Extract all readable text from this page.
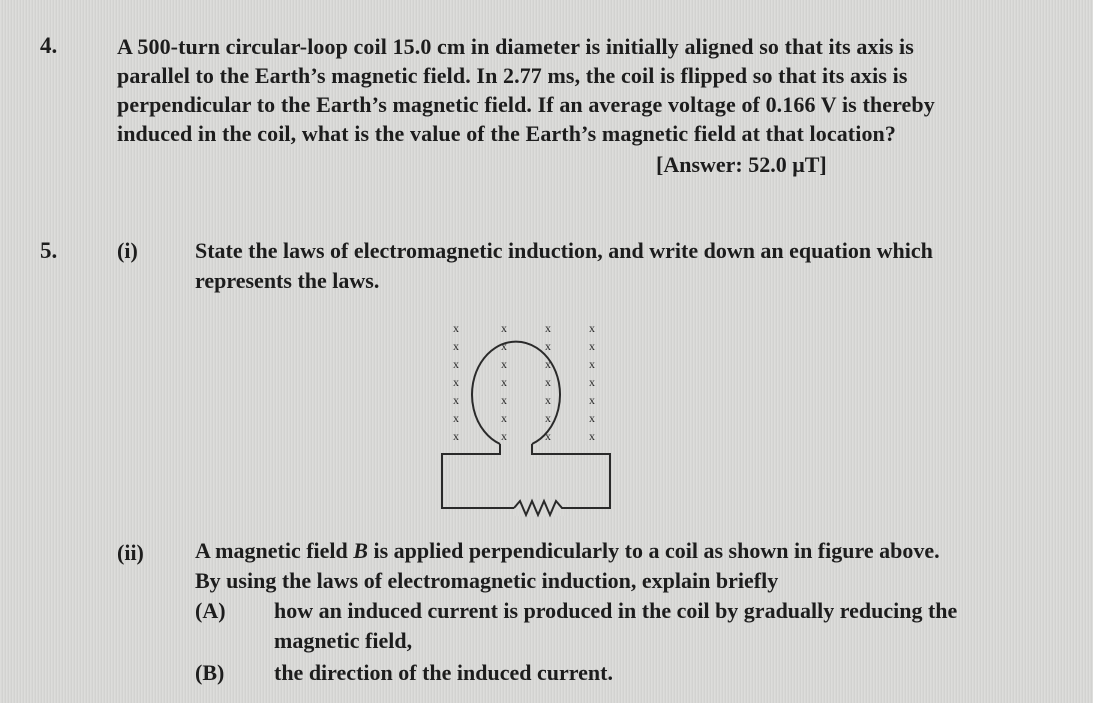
4.	A 500-turn circular-loop coil 15.0 cm in diameter is initially aligned so that its axis is
parallel to the Earth’s magnetic field. In 2.77 ms, the coil is flipped so that its axis is
perpendicular to the Earth’s magnetic field. If an average voltage of 0.166 V is thereby
induced in the coil, what is the value of the Earth’s magnetic field at that location?
[Answer: 52.0 μT]
5.	(i)	State the laws of electromagnetic induction, and write down an equation which
represents the laws.
x
x
x
x
x
x
x
x
x
x
x
x
x
x
x
x
x
x
x
x
x
x
x
x
x
x
x
x
(ii) A magnetic field B is applied perpendicularly to a coil as shown in figure above.
By using the laws of electromagnetic induction, explain briefly
(A) how an induced current is produced in the coil by gradually reducing the
magnetic field,
(B) the direction of the induced current.
